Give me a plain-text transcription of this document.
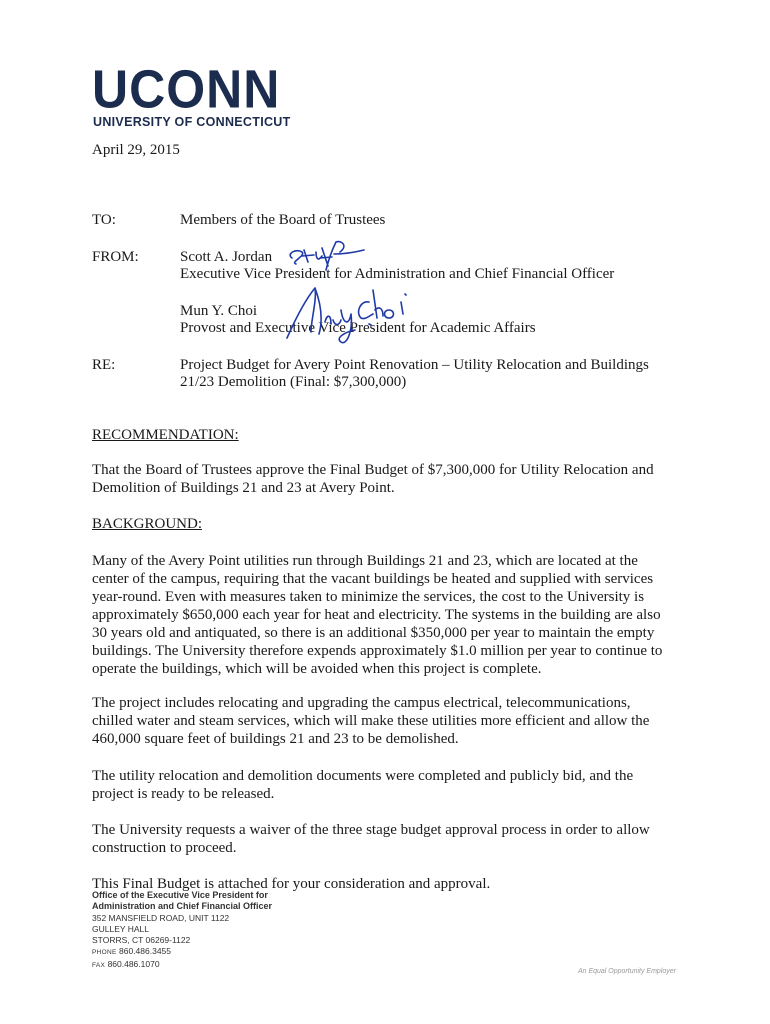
UCONN
UNIVERSITY OF CONNECTICUT
April 29, 2015
TO:	Members of the Board of Trustees
FROM:	Scott A. Jordan
Executive Vice President for Administration and Chief Financial Officer
Mun Y. Choi
Provost and Executive Vice President for Academic Affairs
RE:	Project Budget for Avery Point Renovation – Utility Relocation and Buildings
21/23 Demolition (Final: $7,300,000)
RECOMMENDATION:
That the Board of Trustees approve the Final Budget of $7,300,000 for Utility Relocation and Demolition of Buildings 21 and 23 at Avery Point.
BACKGROUND:
Many of the Avery Point utilities run through Buildings 21 and 23, which are located at the center of the campus, requiring that the vacant buildings be heated and supplied with services year-round. Even with measures taken to minimize the services, the cost to the University is approximately $650,000 each year for heat and electricity. The systems in the building are also 30 years old and antiquated, so there is an additional $350,000 per year to maintain the empty buildings. The University therefore expends approximately $1.0 million per year to continue to operate the buildings, which will be avoided when this project is complete.
The project includes relocating and upgrading the campus electrical, telecommunications, chilled water and steam services, which will make these utilities more efficient and allow the 460,000 square feet of buildings 21 and 23 to be demolished.
The utility relocation and demolition documents were completed and publicly bid, and the project is ready to be released.
The University requests a waiver of the three stage budget approval process in order to allow construction to proceed.
This Final Budget is attached for your consideration and approval.
Office of the Executive Vice President for
Administration and Chief Financial Officer
352 MANSFIELD ROAD, UNIT 1122
GULLEY HALL
STORRS, CT 06269-1122
PHONE 860.486.3455
FAX 860.486.1070
An Equal Opportunity Employer
